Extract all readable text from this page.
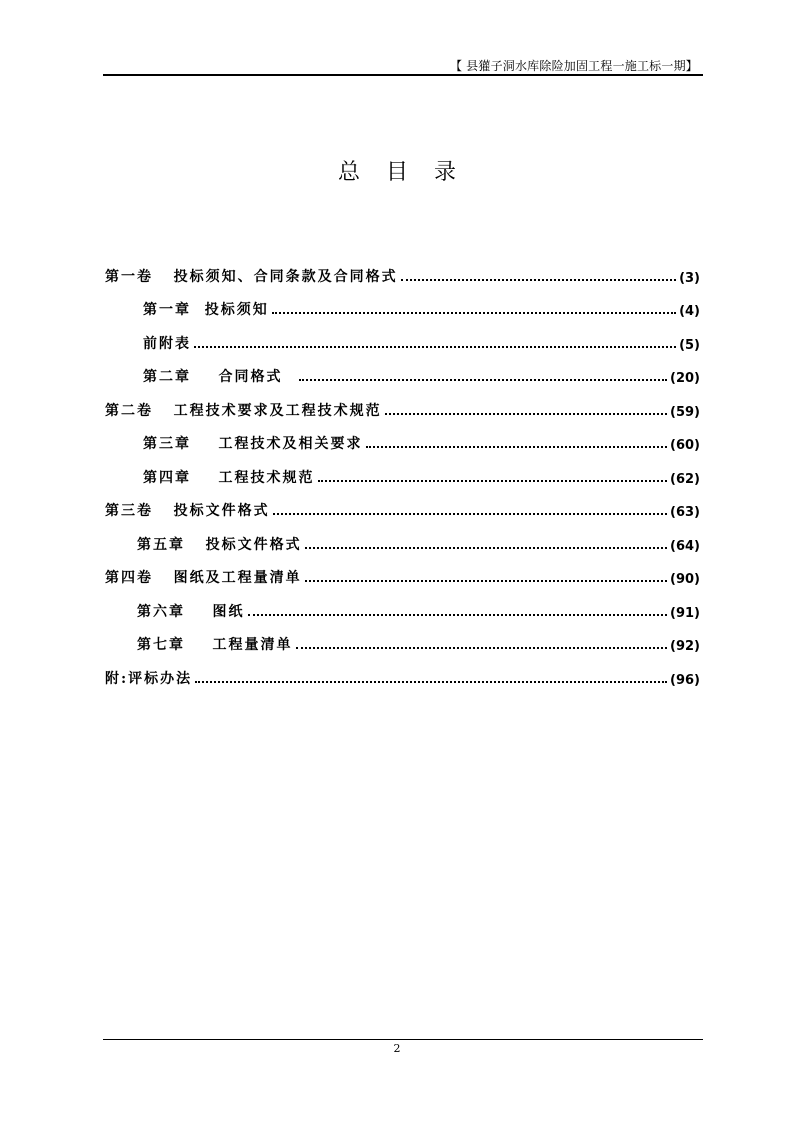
【 县獾子洞水库除险加固工程一施工标一期】
总目录
第一卷   投标须知、合同条款及合同格式	(3)
第一章  投标须知	(4)
前附表	(5)
第二章    合同格式	(20)
第二卷   工程技术要求及工程技术规范	(59)
第三章    工程技术及相关要求	(60)
第四章    工程技术规范	(62)
第三卷   投标文件格式	(63)
第五章   投标文件格式	(64)
第四卷   图纸及工程量清单	(90)
第六章    图纸	(91)
第七章    工程量清单	(92)
附:评标办法	(96)
2
